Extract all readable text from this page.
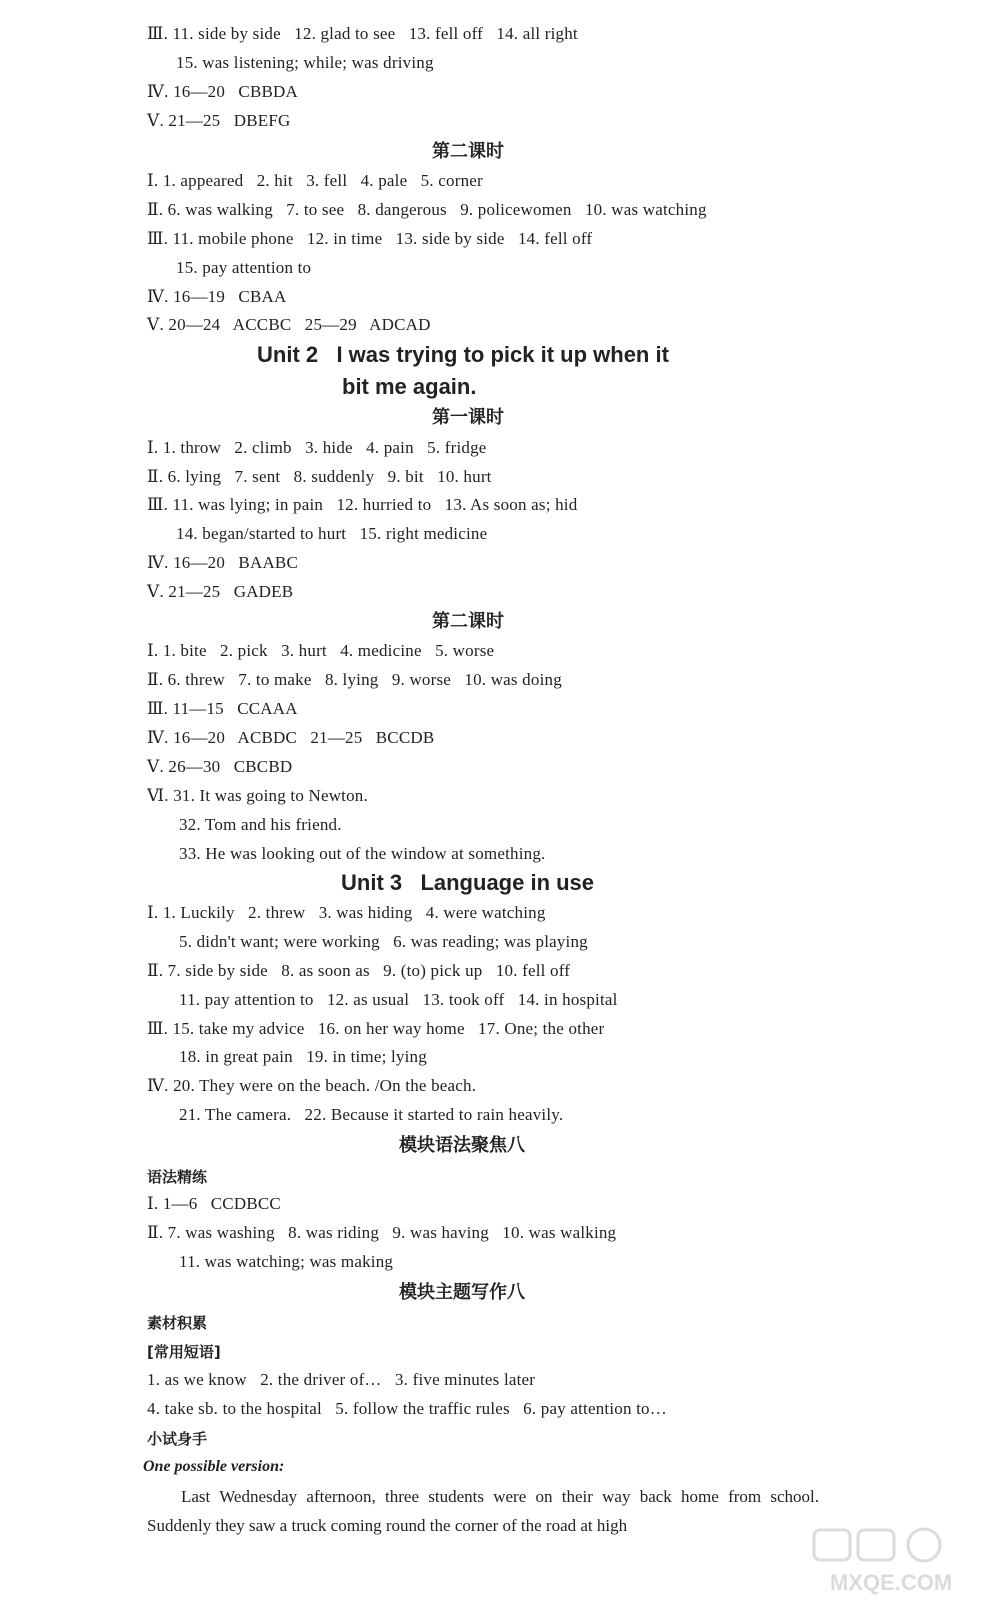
Ⅲ. 11. side by side   12. glad to see   13. fell off   14. all right
15. was listening; while; was driving
Ⅳ. 16—20   CBBDA
Ⅴ. 21—25   DBEFG
第二课时
Ⅰ. 1. appeared   2. hit   3. fell   4. pale   5. corner
Ⅱ. 6. was walking   7. to see   8. dangerous   9. policewomen   10. was watching
Ⅲ. 11. mobile phone   12. in time   13. side by side   14. fell off
15. pay attention to
Ⅳ. 16—19   CBAA
Ⅴ. 20—24   ACCBC   25—29   ADCAD
Unit 2   I was trying to pick it up when it
bit me again.
第一课时
Ⅰ. 1. throw   2. climb   3. hide   4. pain   5. fridge
Ⅱ. 6. lying   7. sent   8. suddenly   9. bit   10. hurt
Ⅲ. 11. was lying; in pain   12. hurried to   13. As soon as; hid
14. began/started to hurt   15. right medicine
Ⅳ. 16—20   BAABC
Ⅴ. 21—25   GADEB
第二课时
Ⅰ. 1. bite   2. pick   3. hurt   4. medicine   5. worse
Ⅱ. 6. threw   7. to make   8. lying   9. worse   10. was doing
Ⅲ. 11—15   CCAAA
Ⅳ. 16—20   ACBDC   21—25   BCCDB
Ⅴ. 26—30   CBCBD
Ⅵ. 31. It was going to Newton.
32. Tom and his friend.
33. He was looking out of the window at something.
Unit 3   Language in use
Ⅰ. 1. Luckily   2. threw   3. was hiding   4. were watching
5. didn't want; were working   6. was reading; was playing
Ⅱ. 7. side by side   8. as soon as   9. (to) pick up   10. fell off
11. pay attention to   12. as usual   13. took off   14. in hospital
Ⅲ. 15. take my advice   16. on her way home   17. One; the other
18. in great pain   19. in time; lying
Ⅳ. 20. They were on the beach. /On the beach.
21. The camera.   22. Because it started to rain heavily.
模块语法聚焦八
语法精练
Ⅰ. 1—6   CCDBCC
Ⅱ. 7. was washing   8. was riding   9. was having   10. was walking
11. was watching; was making
模块主题写作八
素材积累
[常用短语]
1. as we know   2. the driver of…   3. five minutes later
4. take sb. to the hospital   5. follow the traffic rules   6. pay attention to…
小试身手
One possible version:
Last Wednesday afternoon, three students were on their way back home from school. Suddenly they saw a truck coming round the corner of the road at high
MXQE.COM
